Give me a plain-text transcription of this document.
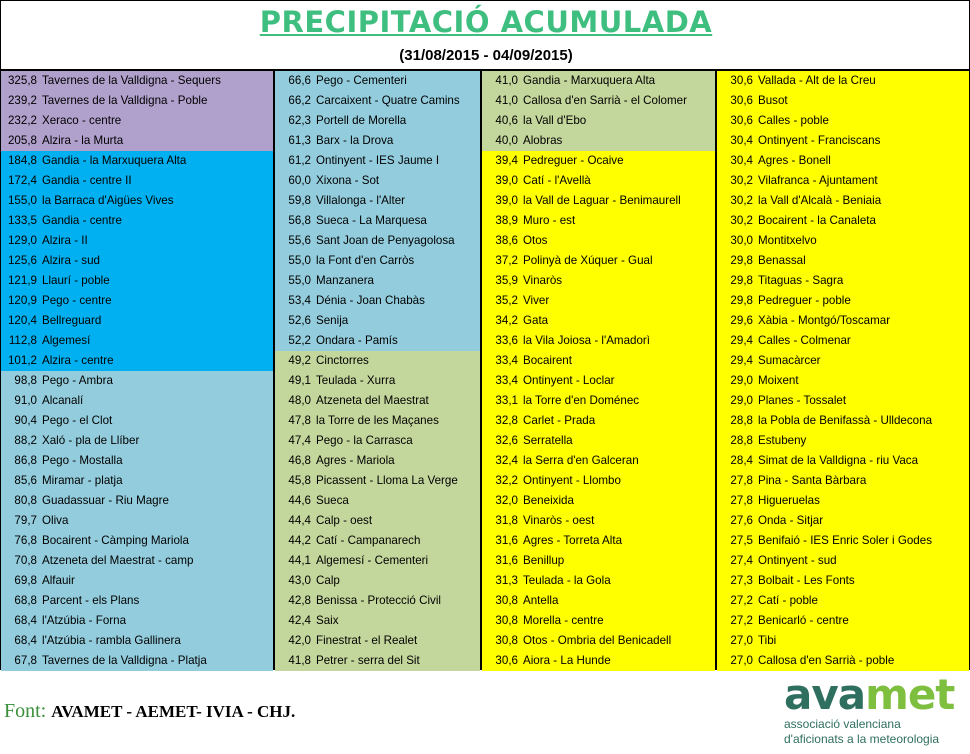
PRECIPITACIÓ ACUMULADA
(31/08/2015 - 04/09/2015)
325,8 Tavernes de la Valldigna - Sequers
239,2 Tavernes de la Valldigna - Poble
232,2 Xeraco - centre
205,8 Alzira - la Murta
184,8 Gandia - la Marxuquera Alta
172,4 Gandia - centre II
155,0 la Barraca d'Aigües Vives
133,5 Gandia - centre
129,0 Alzira - II
125,6 Alzira - sud
121,9 Llaurí - poble
120,9 Pego - centre
120,4 Bellreguard
112,8 Algemesí
101,2 Alzira - centre
98,8 Pego - Ambra
91,0 Alcanalí
90,4 Pego - el Clot
88,2 Xaló - pla de Llíber
86,8 Pego - Mostalla
85,6 Miramar - platja
80,8 Guadassuar - Riu Magre
79,7 Oliva
76,8 Bocairent - Càmping Mariola
70,8 Atzeneta del Maestrat - camp
69,8 Alfauir
68,8 Parcent - els Plans
68,4 l'Atzúbia - Forna
68,4 l'Atzúbia - rambla Gallinera
67,8 Tavernes de la Valldigna - Platja
66,6 Pego - Cementeri
66,2 Carcaixent - Quatre Camins
62,3 Portell de Morella
61,3 Barx - la Drova
61,2 Ontinyent - IES Jaume I
60,0 Xixona - Sot
59,8 Villalonga - l'Alter
56,8 Sueca - La Marquesa
55,6 Sant Joan de Penyagolosa
55,0 la Font d'en Carròs
55,0 Manzanera
53,4 Dénia - Joan Chabàs
52,6 Senija
52,2 Ondara - Pamís
49,2 Cinctorres
49,1 Teulada - Xurra
48,0 Atzeneta del Maestrat
47,8 la Torre de les Maçanes
47,4 Pego - la Carrasca
46,8 Agres - Mariola
45,8 Picassent - Lloma La Verge
44,6 Sueca
44,4 Calp - oest
44,2 Catí - Campanarech
44,1 Algemesí - Cementeri
43,0 Calp
42,8 Benissa - Protecció Civil
42,4 Saix
42,0 Finestrat - el Realet
41,8 Petrer - serra del Sit
41,0 Gandia - Marxuquera Alta
41,0 Callosa d'en Sarrià - el Colomer
40,6 la Vall d'Ebo
40,0 Alobras
39,4 Pedreguer - Ocaive
39,0 Catí - l'Avellà
39,0 la Vall de Laguar - Benimaurell
38,9 Muro - est
38,6 Otos
37,2 Polinyà de Xúquer - Gual
35,9 Vinaròs
35,2 Viver
34,2 Gata
33,6 la Vila Joiosa - l'Amadorì
33,4 Bocairent
33,4 Ontinyent - Loclar
33,1 la Torre d'en Doménec
32,8 Carlet - Prada
32,6 Serratella
32,4 la Serra d'en Galceran
32,2 Ontinyent - Llombo
32,0 Beneixida
31,8 Vinaròs - oest
31,6 Agres - Torreta Alta
31,6 Benillup
31,3 Teulada - la Gola
30,8 Antella
30,8 Morella - centre
30,8 Otos - Ombria del Benicadell
30,6 Aiora - La Hunde
30,6 Vallada - Alt de la Creu
30,6 Busot
30,6 Calles - poble
30,4 Ontinyent - Franciscans
30,4 Agres - Bonell
30,2 Vilafranca - Ajuntament
30,2 la Vall d'Alcalà - Beniaia
30,2 Bocairent - la Canaleta
30,0 Montitxelvo
29,8 Benassal
29,8 Titaguas - Sagra
29,8 Pedreguer - poble
29,6 Xàbia - Montgó/Toscamar
29,4 Calles - Colmenar
29,4 Sumacàrcer
29,0 Moixent
29,0 Planes - Tossalet
28,8 la Pobla de Benifassà - Ulldecona
28,8 Estubeny
28,4 Simat de la Valldigna - riu Vaca
27,8 Pina - Santa Bàrbara
27,8 Higueruelas
27,6 Onda - Sitjar
27,5 Benifaió - IES Enric Soler i Godes
27,4 Ontinyent - sud
27,3 Bolbait - Les Fonts
27,2 Catí - poble
27,2 Benicarló - centre
27,0 Tibi
27,0 Callosa d'en Sarrià - poble
Font: AVAMET - AEMET- IVIA - CHJ.	avamet
associació valenciana
d'aficionats a la meteorologia
